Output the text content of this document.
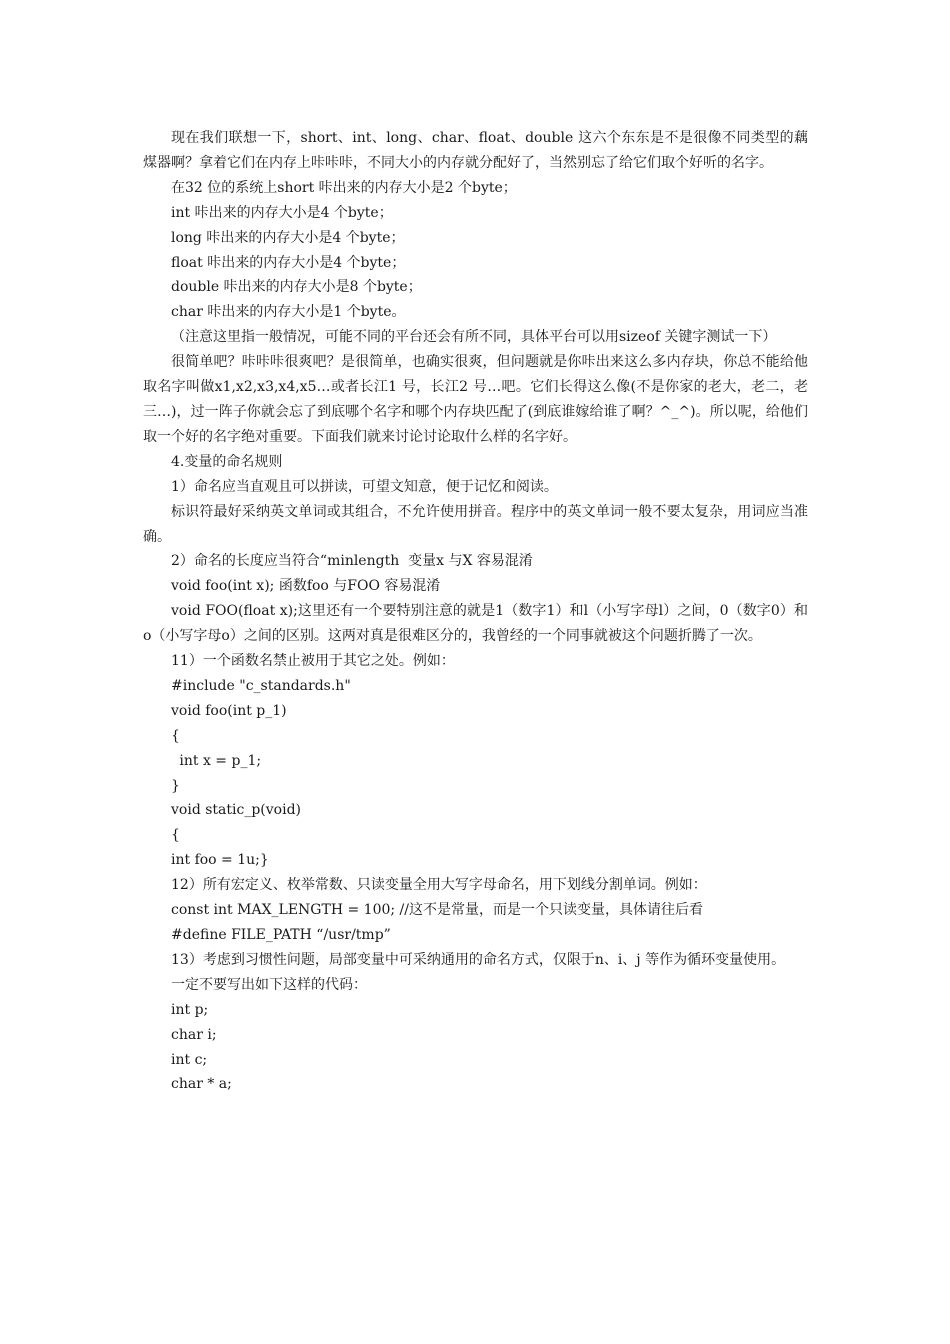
现在我们联想一下，short、int、long、char、float、double 这六个东东是不是很像不同类型的藕煤器啊？拿着它们在内存上咔咔咔，不同大小的内存就分配好了，当然别忘了给它们取个好听的名字。

在32 位的系统上short 咔出来的内存大小是2 个byte；

int 咔出来的内存大小是4 个byte；

long 咔出来的内存大小是4 个byte；

float 咔出来的内存大小是4 个byte；

double 咔出来的内存大小是8 个byte；

char 咔出来的内存大小是1 个byte。

（注意这里指一般情况，可能不同的平台还会有所不同，具体平台可以用sizeof 关键字测试一下）

很简单吧？咔咔咔很爽吧？是很简单，也确实很爽，但问题就是你咔出来这么多内存块，你总不能给他取名字叫做x1,x2,x3,x4,x5…或者长江1 号，长江2 号…吧。它们长得这么像(不是你家的老大，老二，老三…)，过一阵子你就会忘了到底哪个名字和哪个内存块匹配了(到底谁嫁给谁了啊？^_^)。所以呢，给他们取一个好的名字绝对重要。下面我们就来讨论讨论取什么样的名字好。

4.变量的命名规则

1）命名应当直观且可以拼读，可望文知意，便于记忆和阅读。

标识符最好采纳英文单词或其组合，不允许使用拼音。程序中的英文单词一般不要太复杂，用词应当准确。

2）命名的长度应当符合“minlength  变量x 与X 容易混淆

void foo(int x); 函数foo 与FOO 容易混淆

void FOO(float x);这里还有一个要特别注意的就是1（数字1）和l（小写字母l）之间，0（数字0）和o（小写字母o）之间的区别。这两对真是很难区分的，我曾经的一个同事就被这个问题折腾了一次。

11）一个函数名禁止被用于其它之处。例如：

#include "c_standards.h"

void foo(int p_1)

{

int x = p_1;

}

void static_p(void)

{

int foo = 1u;}

12）所有宏定义、枚举常数、只读变量全用大写字母命名，用下划线分割单词。例如：

const int MAX_LENGTH = 100; //这不是常量，而是一个只读变量，具体请往后看

#define FILE_PATH “/usr/tmp”

13）考虑到习惯性问题，局部变量中可采纳通用的命名方式，仅限于n、i、j 等作为循环变量使用。

一定不要写出如下这样的代码：

int p;

char i;

int c;

char * a;
